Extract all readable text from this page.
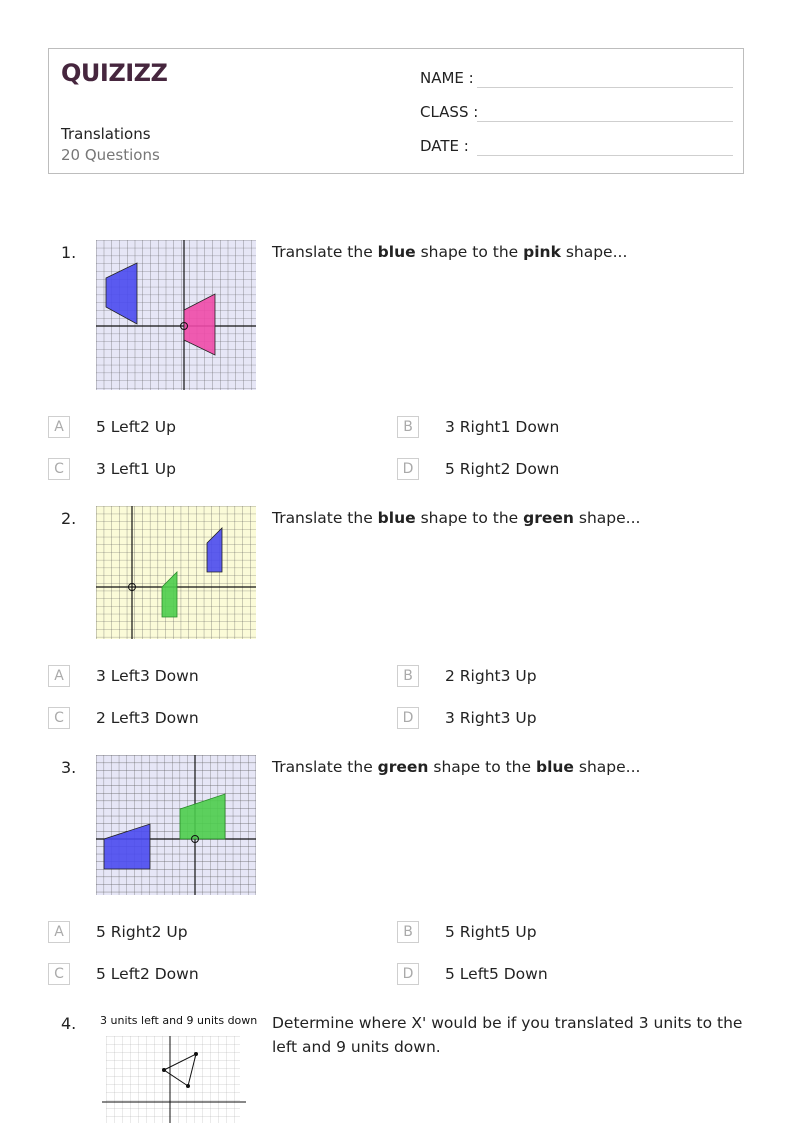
QUIZIZZ
Translations
20 Questions
NAME :
CLASS :
DATE :
1.	Translate the blue shape to the pink shape...
A	5 Left2 Up	B	3 Right1 Down
C	3 Left1 Up	D	5 Right2 Down
2.	Translate the blue shape to the green shape...
A	3 Left3 Down	B	2 Right3 Up
C	2 Left3 Down	D	3 Right3 Up
3.	Translate the green shape to the blue shape...
A	5 Right2 Up	B	5 Right5 Up
C	5 Left2 Down	D	5 Left5 Down
4. 3 units left and 9 units down Determine where X' would be if you translated 3 units to the left and 9 units down.
